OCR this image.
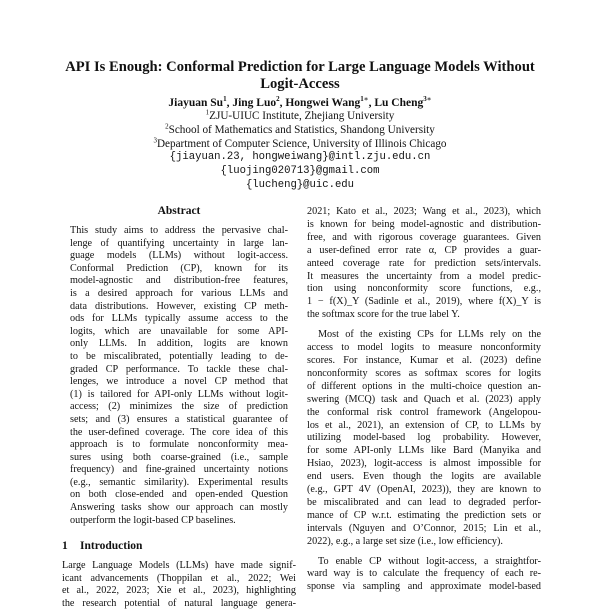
API Is Enough: Conformal Prediction for Large Language Models Without
Logit-Access
Jiayuan Su$^1$, Jing Luo$^2$, Hongwei Wang$^{1∗}$, Lu Cheng$^{3∗}$
$^1$ZJU-UIUC Institute, Zhejiang University
$^2$School of Mathematics and Statistics, Shandong University
$^3$Department of Computer Science, University of Illinois Chicago
{jiayuan.23, hongweiwang}@intl.zju.edu.cn
{luojing020713}@gmail.com
{lucheng}@uic.edu
Abstract
This study aims to address the pervasive chal-
lenge of quantifying uncertainty in large lan-
guage models (LLMs) without logit-access.
Conformal Prediction (CP), known for its
model-agnostic and distribution-free features,
is a desired approach for various LLMs and
data distributions. However, existing CP meth-
ods for LLMs typically assume access to the
logits, which are unavailable for some API-
only LLMs. In addition, logits are known
to be miscalibrated, potentially leading to de-
graded CP performance. To tackle these chal-
lenges, we introduce a novel CP method that
(1) is tailored for API-only LLMs without logit-
access; (2) minimizes the size of prediction
sets; and (3) ensures a statistical guarantee of
the user-defined coverage. The core idea of this
approach is to formulate nonconformity mea-
sures using both coarse-grained (i.e., sample
frequency) and fine-grained uncertainty notions
(e.g., semantic similarity). Experimental results
on both close-ended and open-ended Question
Answering tasks show our approach can mostly
outperform the logit-based CP baselines.
1 Introduction
Large Language Models (LLMs) have made signif-
icant advancements (Thoppilan et al., 2022; Wei
et al., 2022, 2023; Xie et al., 2023), highlighting
the research potential of natural language genera-
2021; Kato et al., 2023; Wang et al., 2023), which
is known for being model-agnostic and distribution-
free, and with rigorous coverage guarantees. Given
a user-defined error rate α, CP provides a guar-
anteed coverage rate for prediction sets/intervals.
It measures the uncertainty from a model predic-
tion using nonconformity score functions, e.g.,
1 − f(X)_Y (Sadinle et al., 2019), where f(X)_Y is
the softmax score for the true label Y.
Most of the existing CPs for LLMs rely on the
access to model logits to measure nonconformity
scores. For instance, Kumar et al. (2023) define
nonconformity scores as softmax scores for logits
of different options in the multi-choice question an-
swering (MCQ) task and Quach et al. (2023) apply
the conformal risk control framework (Angelopou-
los et al., 2021), an extension of CP, to LLMs by
utilizing model-based log probability. However,
for some API-only LLMs like Bard (Manyika and
Hsiao, 2023), logit-access is almost impossible for
end users. Even though the logits are available
(e.g., GPT 4V (OpenAI, 2023)), they are known to
be miscalibrated and can lead to degraded perfor-
mance of CP w.r.t. estimating the prediction sets or
intervals (Nguyen and O’Connor, 2015; Lin et al.,
2022), e.g., a large set size (i.e., low efficiency).
To enable CP without logit-access, a straightfor-
ward way is to calculate the frequency of each re-
sponse via sampling and approximate model-based
